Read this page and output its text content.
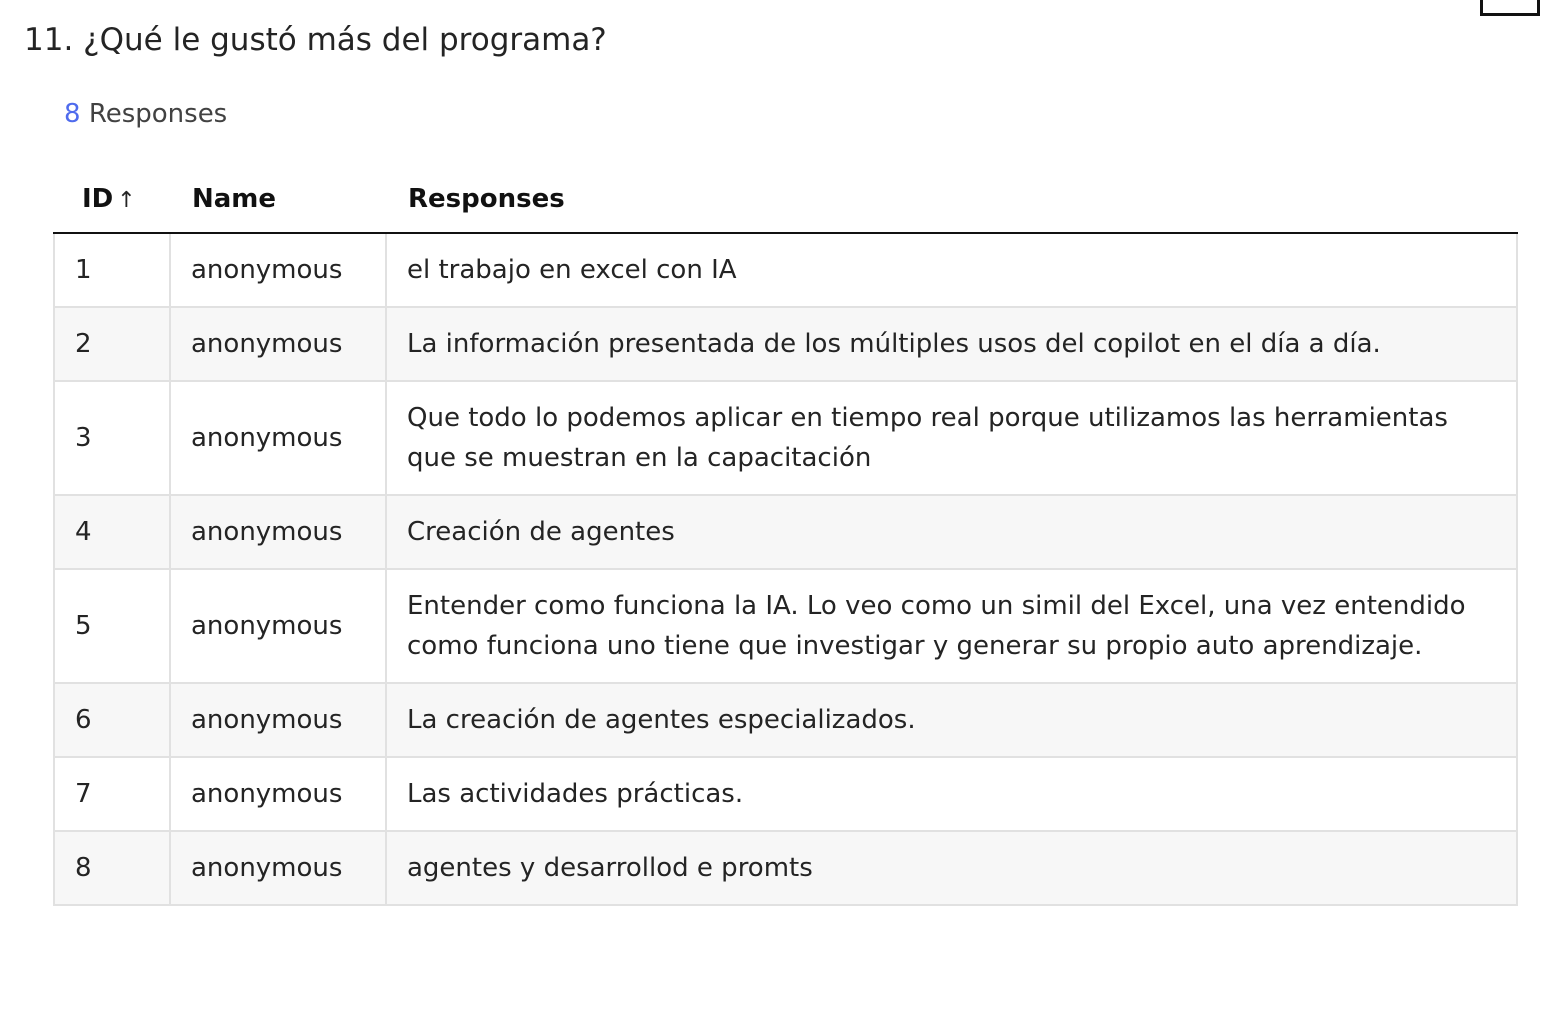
11. ¿Qué le gustó más del programa?
8 Responses
ID ↑	Name	Responses
1	anonymous	el trabajo en excel con IA
2	anonymous	La información presentada de los múltiples usos del copilot en el día a día.
3	anonymous	Que todo lo podemos aplicar en tiempo real porque utilizamos las herramientas que se muestran en la capacitación
4	anonymous	Creación de agentes
5	anonymous	Entender como funciona la IA. Lo veo como un simil del Excel, una vez entendido como funciona uno tiene que investigar y generar su propio auto aprendizaje.
6	anonymous	La creación de agentes especializados.
7	anonymous	Las actividades prácticas.
8	anonymous	agentes y desarrollod e promts
